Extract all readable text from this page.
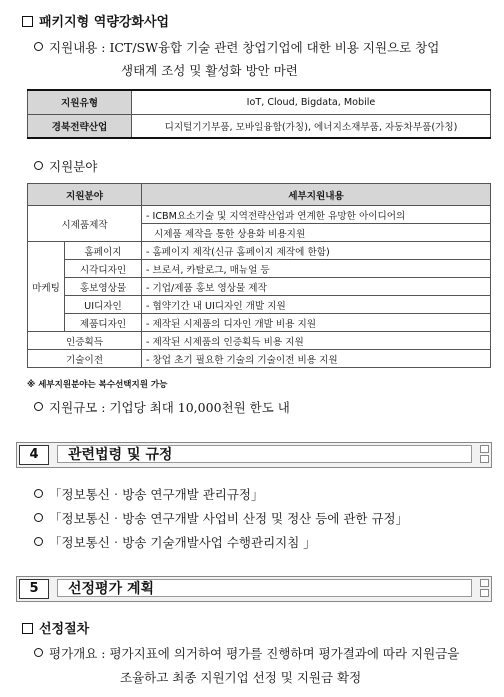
패키지형 역량강화사업
지원내용 : ICT/SW융합 기술 관련 창업기업에 대한 비용 지원으로 창업
생태계 조성 및 활성화 방안 마련
지원유형	IoT, Cloud, Bigdata, Mobile
경북전략산업	디지털기기부품, 모바일융합(가칭), 에너지소재부품, 자동차부품(가칭)
지원분야
지원분야		세부지원내용
시제품제작		- ICBM요소기술 및 지역전략산업과 연계한 유망한 아이디어의
		시제품 제작을 통한 상용화 비용지원
마케팅	홈페이지	- 홈페이지 제작(신규 홈페이지 제작에 한함)
	시각디자인	- 브로셔, 카탈로그, 매뉴얼 등
	홍보영상물	- 기업/제품 홍보 영상물 제작
	UI디자인	- 협약기간 내 UI디자인 개발 지원
	제품디자인	- 제작된 시제품의 디자인 개발 비용 지원
인증획득		- 제작된 시제품의 인증획득 비용 지원
기술이전		- 창업 초기 필요한 기술의 기술이전 비용 지원
※ 세부지원분야는 복수선택지원 가능
지원규모 : 기업당 최대 10,000천원 한도 내
4	관련법령 및 규정
「정보통신‧방송 연구개발 관리규정」
「정보통신‧방송 연구개발 사업비 산정 및 정산 등에 관한 규정」
「정보통신‧방송 기술개발사업 수행관리지침 」
5	선정평가 계획
선정절차
평가개요 : 평가지표에 의거하여 평가를 진행하며 평가결과에 따라 지원금을
조율하고 최종 지원기업 선정 및 지원금 확정
